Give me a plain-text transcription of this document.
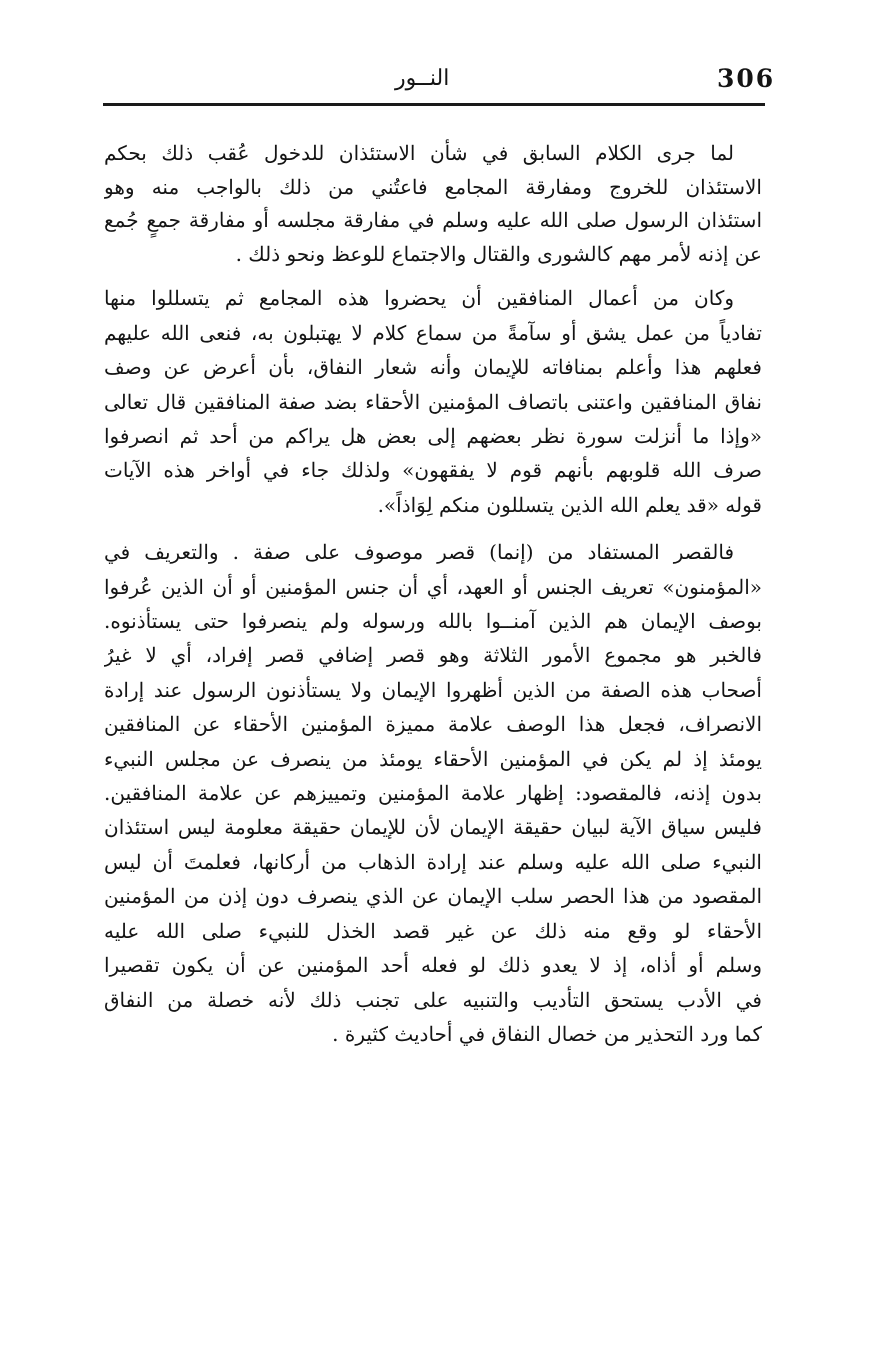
306
النــور

لما جرى الكلام السابق في شأن الاستئذان للدخول عُقب ذلك بحكم
الاستئذان للخروج ومفارقة المجامع فاعتُني من ذلك بالواجب منه وهو
استئذان الرسول صلى الله عليه وسلم في مفارقة مجلسه أو مفارقة جمعٍ جُمع
عن إذنه لأمر مهم كالشورى والقتال والاجتماع للوعظ ونحو ذلك .

وكان من أعمال المنافقين أن يحضروا هذه المجامع ثم يتسللوا منها
تفادياً من عمل يشق أو سآمةً من سماع كلام لا يهتبلون به، فنعى الله عليهم
فعلهم هذا وأعلم بمنافاته للإيمان وأنه شعار النفاق، بأن أعرض عن وصف
نفاق المنافقين واعتنى باتصاف المؤمنين الأحقاء بضد صفة المنافقين قال تعالى
«وإذا ما أنزلت سورة نظر بعضهم إلى بعض هل يراكم من أحد ثم انصرفوا
صرف الله قلوبهم بأنهم قوم لا يفقهون» ولذلك جاء في أواخر هذه الآيات
قوله «قد يعلم الله الذين يتسللون منكم لِوَاذاً».

فالقصر المستفاد من (إنما) قصر موصوف على صفة . والتعريف في
«المؤمنون» تعريف الجنس أو العهد، أي أن جنس المؤمنين أو أن الذين عُرفوا
بوصف الإيمان هم الذين آمنــوا بالله ورسوله ولم ينصرفوا حتى يستأذنوه.
فالخبر هو مجموع الأمور الثلاثة وهو قصر إضافي قصر إفراد، أي لا غيرُ
أصحاب هذه الصفة من الذين أظهروا الإيمان ولا يستأذنون الرسول عند إرادة
الانصراف، فجعل هذا الوصف علامة مميزة المؤمنين الأحقاء عن المنافقين
يومئذ إذ لم يكن في المؤمنين الأحقاء يومئذ من ينصرف عن مجلس النبيء
بدون إذنه، فالمقصود: إظهار علامة المؤمنين وتمييزهم عن علامة المنافقين.
فليس سياق الآية لبيان حقيقة الإيمان لأن للإيمان حقيقة معلومة ليس استئذان
النبيء صلى الله عليه وسلم عند إرادة الذهاب من أركانها، فعلمتَ أن ليس
المقصود من هذا الحصر سلب الإيمان عن الذي ينصرف دون إذن من المؤمنين
الأحقاء لو وقع منه ذلك عن غير قصد الخذل للنبيء صلى الله عليه
وسلم أو أذاه، إذ لا يعدو ذلك لو فعله أحد المؤمنين عن أن يكون تقصيرا
في الأدب يستحق التأديب والتنبيه على تجنب ذلك لأنه خصلة من النفاق
كما ورد التحذير من خصال النفاق في أحاديث كثيرة .
